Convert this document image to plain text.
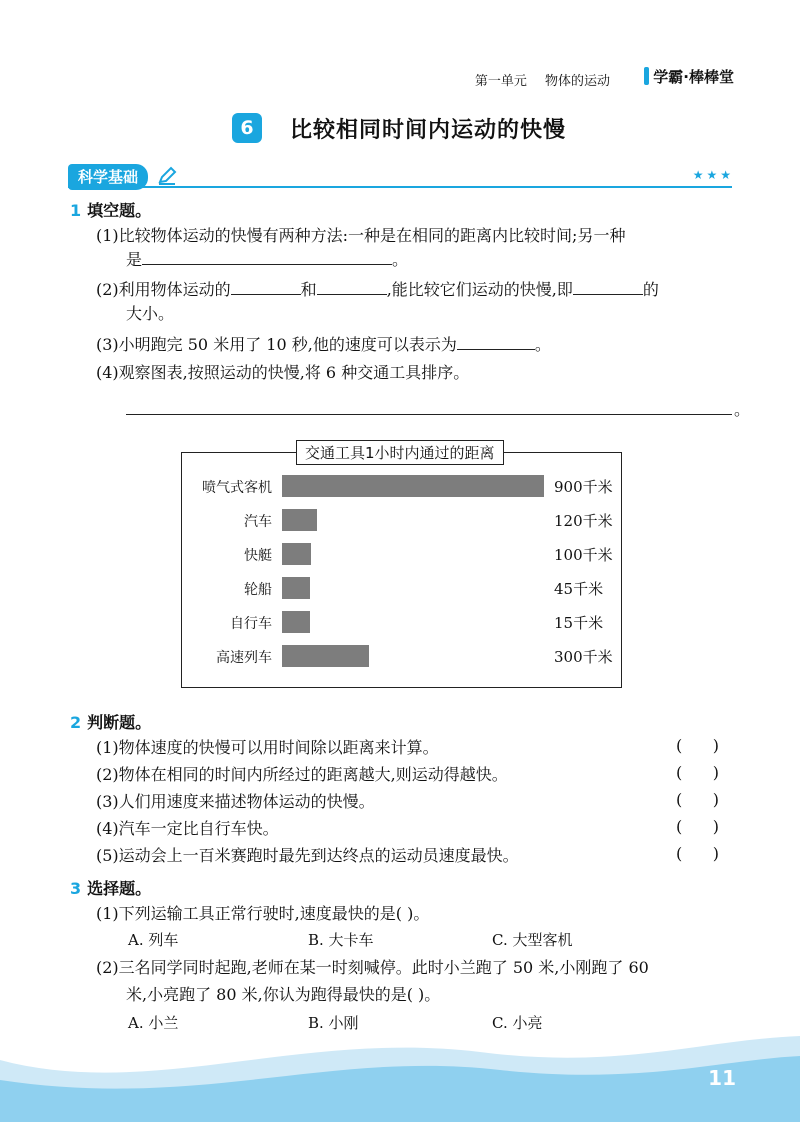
第一单元 物体的运动	学霸·棒棒堂
6	比较相同时间内运动的快慢
科学基础	★★★
1 填空题。
(1)比较物体运动的快慢有两种方法:一种是在相同的距离内比较时间;另一种
是	。
(2)利用物体运动的	和	,能比较它们运动的快慢,即	的
大小。
(3)小明跑完 50 米用了 10 秒,他的速度可以表示为	。
(4)观察图表,按照运动的快慢,将 6 种交通工具排序。
。
喷气式客机	900千米
汽车	120千米
快艇	100千米
轮船	45千米
自行车	15千米
高速列车	300千米
交通工具1小时内通过的距离
2 判断题。
(1)物体速度的快慢可以用时间除以距离来计算。	(      )
(2)物体在相同的时间内所经过的距离越大,则运动得越快。	(      )
(3)人们用速度来描述物体运动的快慢。	(      )
(4)汽车一定比自行车快。	(      )
(5)运动会上一百米赛跑时最先到达终点的运动员速度最快。	(      )
3 选择题。
(1)下列运输工具正常行驶时,速度最快的是( )。
A. 列车	B. 大卡车	C. 大型客机
(2)三名同学同时起跑,老师在某一时刻喊停。此时小兰跑了 50 米,小刚跑了 60
米,小亮跑了 80 米,你认为跑得最快的是( )。
A. 小兰	B. 小刚	C. 小亮
11
